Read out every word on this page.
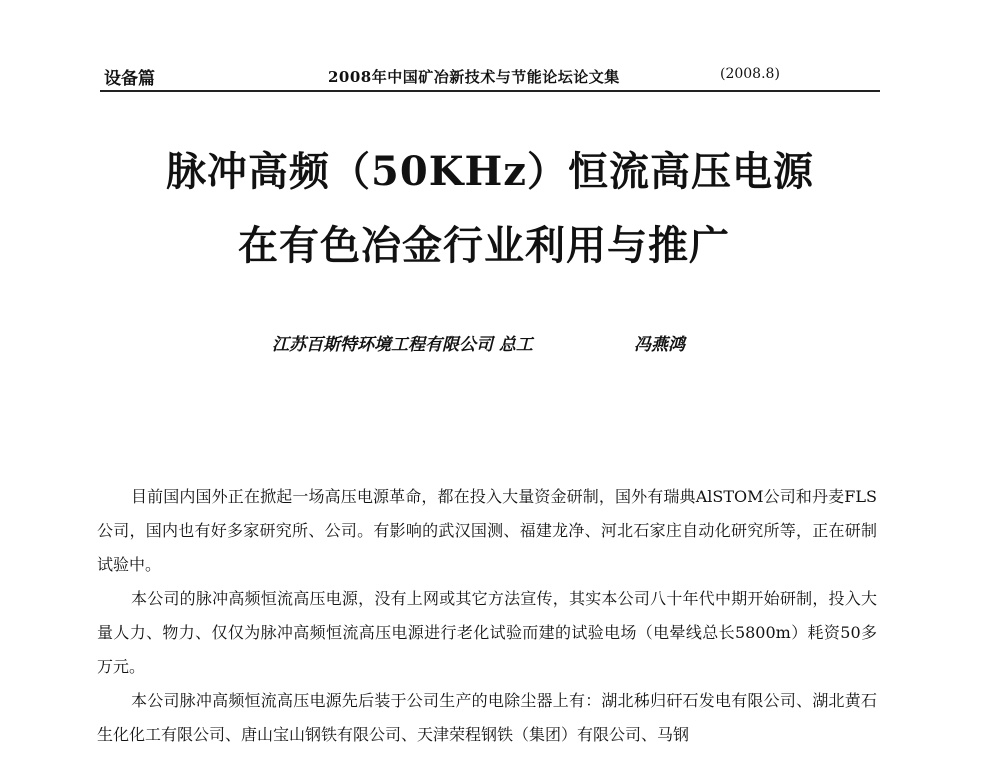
设备篇	2008年中国矿冶新技术与节能论坛论文集	(2008.8)
脉冲高频（50KHz）恒流高压电源
在有色冶金行业利用与推广
江苏百斯特环境工程有限公司 总工	冯燕鸿

目前国内国外正在掀起一场高压电源革命，都在投入大量资金研制，国外有瑞典AlSTOM公司和丹麦FLS公司，国内也有好多家研究所、公司。有影响的武汉国测、福建龙净、河北石家庄自动化研究所等，正在研制试验中。

本公司的脉冲高频恒流高压电源，没有上网或其它方法宣传，其实本公司八十年代中期开始研制，投入大量人力、物力、仅仅为脉冲高频恒流高压电源进行老化试验而建的试验电场（电晕线总长5800m）耗资50多万元。

本公司脉冲高频恒流高压电源先后装于公司生产的电除尘器上有：湖北秭归矸石发电有限公司、湖北黄石生化化工有限公司、唐山宝山钢铁有限公司、天津荣程钢铁（集团）有限公司、马钢
